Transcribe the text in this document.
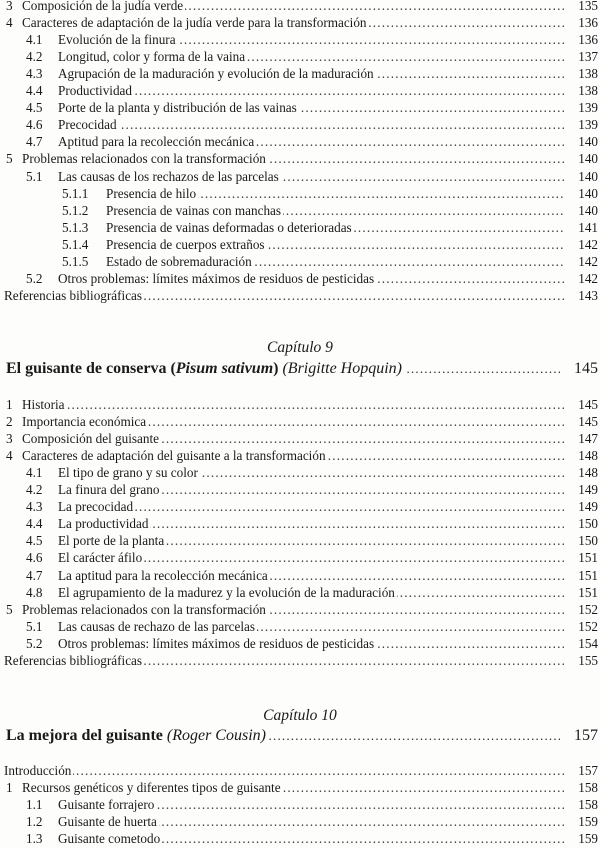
3 Composición de la judía verde .....	135
4 Caracteres de adaptación de la judía verde para la transformación .....	136
4.1 Evolución de la finura .....	136
4.2 Longitud, color y forma de la vaina .....	137
4.3 Agrupación de la maduración y evolución de la maduración .....	138
4.4 Productividad .....	138
4.5 Porte de la planta y distribución de las vainas .....	139
4.6 Precocidad .....	139
4.7 Aptitud para la recolección mecánica .....	140
5 Problemas relacionados con la transformación .....	140
5.1 Las causas de los rechazos de las parcelas .....	140
5.1.1 Presencia de hilo .....	140
5.1.2 Presencia de vainas con manchas .....	140
5.1.3 Presencia de vainas deformadas o deterioradas .....	141
5.1.4 Presencia de cuerpos extraños .....	142
5.1.5 Estado de sobremaduración .....	142
5.2 Otros problemas: límites máximos de residuos de pesticidas .....	142
Referencias bibliográficas .....	143
Capítulo 9
El guisante de conserva (Pisum sativum) (Brigitte Hopquin) .....	145
1 Historia .....	145
2 Importancia económica .....	145
3 Composición del guisante .....	147
4 Caracteres de adaptación del guisante a la transformación .....	148
4.1 El tipo de grano y su color .....	148
4.2 La finura del grano .....	149
4.3 La precocidad .....	149
4.4 La productividad .....	150
4.5 El porte de la planta .....	150
4.6 El carácter áfilo .....	151
4.7 La aptitud para la recolección mecánica .....	151
4.8 El agrupamiento de la madurez y la evolución de la maduración .....	151
5 Problemas relacionados con la transformación .....	152
5.1 Las causas de rechazo de las parcelas .....	152
5.2 Otros problemas: límites máximos de residuos de pesticidas .....	154
Referencias bibliográficas .....	155
Capítulo 10
La mejora del guisante (Roger Cousin) .....	157
Introducción .....	157
1 Recursos genéticos y diferentes tipos de guisante .....	158
1.1 Guisante forrajero .....	158
1.2 Guisante de huerta .....	159
1.3 Guisante cometodo .....	159
